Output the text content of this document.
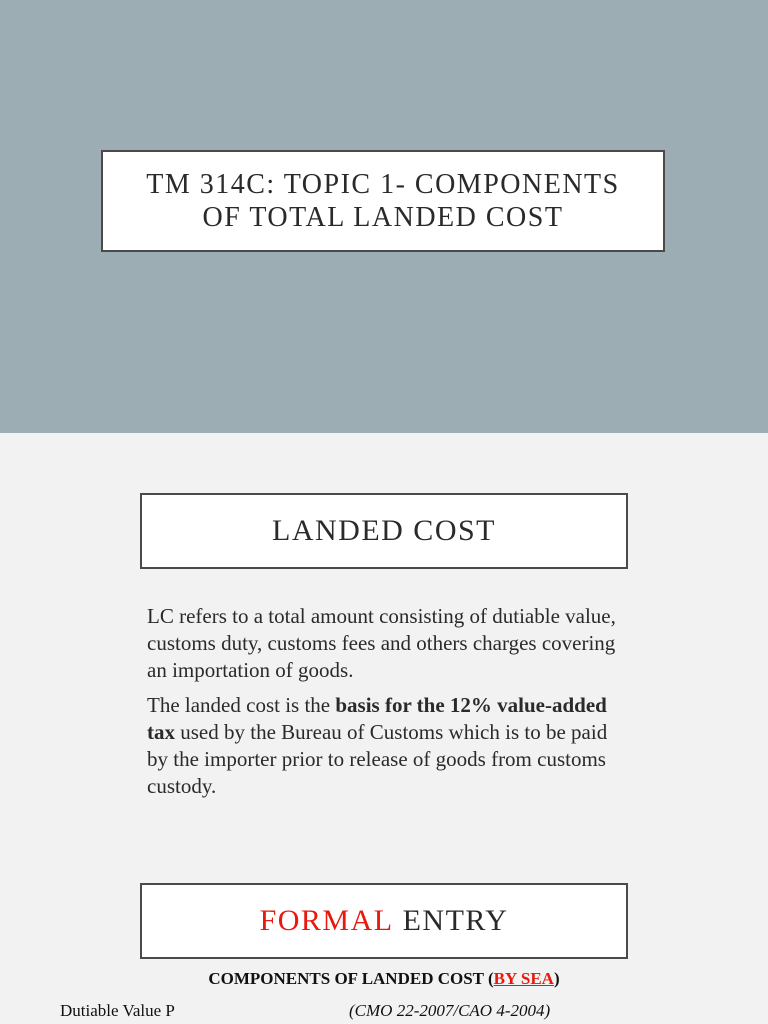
TM 314C: TOPIC 1- COMPONENTS
OF TOTAL LANDED COST
LANDED COST
LC refers to a total amount consisting of dutiable value, customs duty, customs fees and others charges covering an importation of goods.
The landed cost is the basis for the 12% value-added tax used by the Bureau of Customs which is to be paid by the importer prior to release of goods from customs custody.
FORMAL ENTRY
COMPONENTS OF LANDED COST (BY SEA)
Dutiable Value P	(CMO 22-2007/CAO 4-2004)
